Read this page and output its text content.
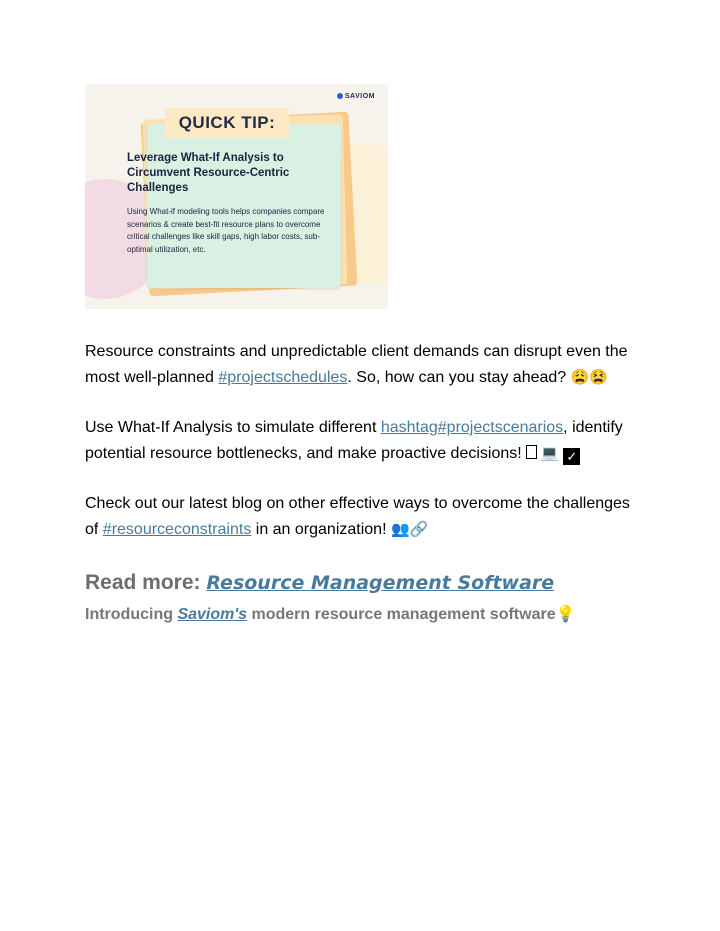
SAVIOM
QUICK TIP:
Leverage What-If Analysis to Circumvent Resource-Centric Challenges
Using What-if modeling tools helps companies compare scenarios & create best-fit resource plans to overcome critical challenges like skill gaps, high labor costs, sub-optimal utilization, etc.
Resource constraints and unpredictable client demands can disrupt even the most well-planned #projectschedules. So, how can you stay ahead? 😩😫
Use What-If Analysis to simulate different hashtag#projectscenarios, identify potential resource bottlenecks, and make proactive decisions! 💻 ✓
Check out our latest blog on other effective ways to overcome the challenges of #resourceconstraints in an organization! 👥🔗
Read more: Resource Management Software
Introducing Saviom's modern resource management software💡
